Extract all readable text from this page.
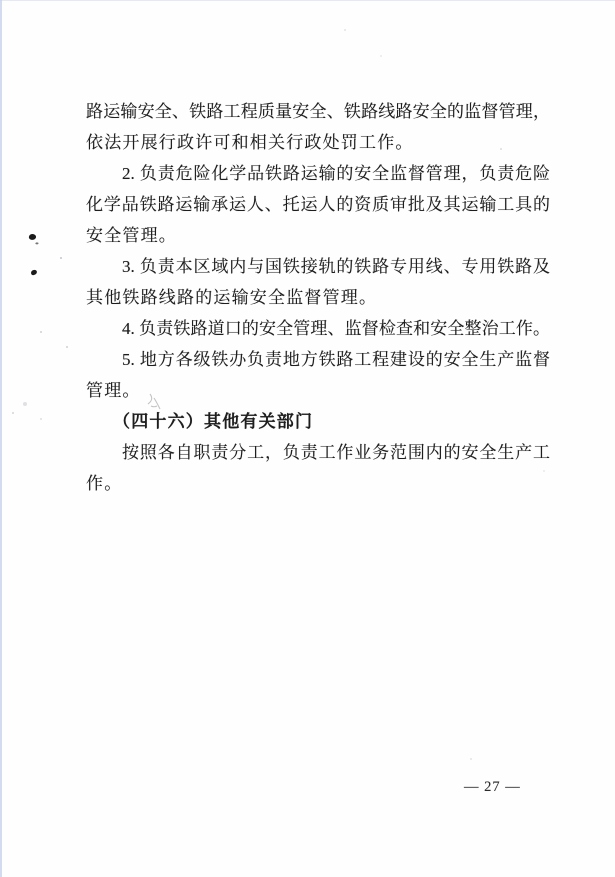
路运输安全、铁路工程质量安全、铁路线路安全的监督管理，
依法开展行政许可和相关行政处罚工作。
2. 负责危险化学品铁路运输的安全监督管理，负责危险
化学品铁路运输承运人、托运人的资质审批及其运输工具的
安全管理。
3. 负责本区域内与国铁接轨的铁路专用线、专用铁路及
其他铁路线路的运输安全监督管理。
4. 负责铁路道口的安全管理、监督检查和安全整治工作。
5. 地方各级铁办负责地方铁路工程建设的安全生产监督
管理。
（四十六）其他有关部门
按照各自职责分工，负责工作业务范围内的安全生产工
作。
— 27 —
